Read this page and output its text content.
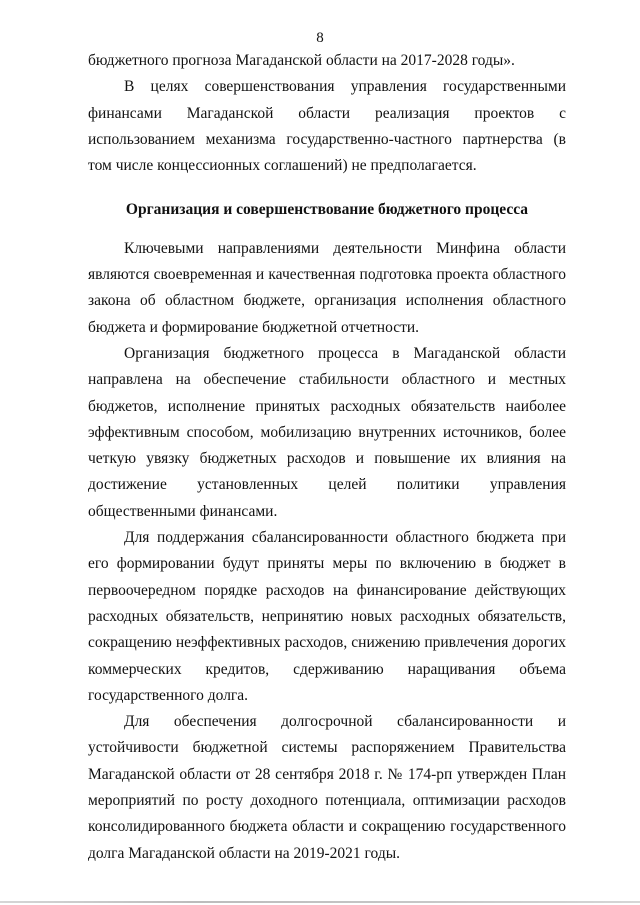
8

бюджетного прогноза Магаданской области на 2017-2028 годы».

В целях совершенствования управления государственными финансами Магаданской области реализация проектов с использованием механизма государственно-частного партнерства (в том числе концессионных соглашений) не предполагается.

Организация и совершенствование бюджетного процесса

Ключевыми направлениями деятельности Минфина области являются своевременная и качественная подготовка проекта областного закона об областном бюджете, организация исполнения областного бюджета и формирование бюджетной отчетности.

Организация бюджетного процесса в Магаданской области направлена на обеспечение стабильности областного и местных бюджетов, исполнение принятых расходных обязательств наиболее эффективным способом, мобилизацию внутренних источников, более четкую увязку бюджетных расходов и повышение их влияния на достижение установленных целей политики управления общественными финансами.

Для поддержания сбалансированности областного бюджета при его формировании будут приняты меры по включению в бюджет в первоочередном порядке расходов на финансирование действующих расходных обязательств, непринятию новых расходных обязательств, сокращению неэффективных расходов, снижению привлечения дорогих коммерческих кредитов, сдерживанию наращивания объема государственного долга.

Для обеспечения долгосрочной сбалансированности и устойчивости бюджетной системы распоряжением Правительства Магаданской области от 28 сентября 2018 г. № 174-рп утвержден План мероприятий по росту доходного потенциала, оптимизации расходов консолидированного бюджета области и сокращению государственного долга Магаданской области на 2019-2021 годы.
